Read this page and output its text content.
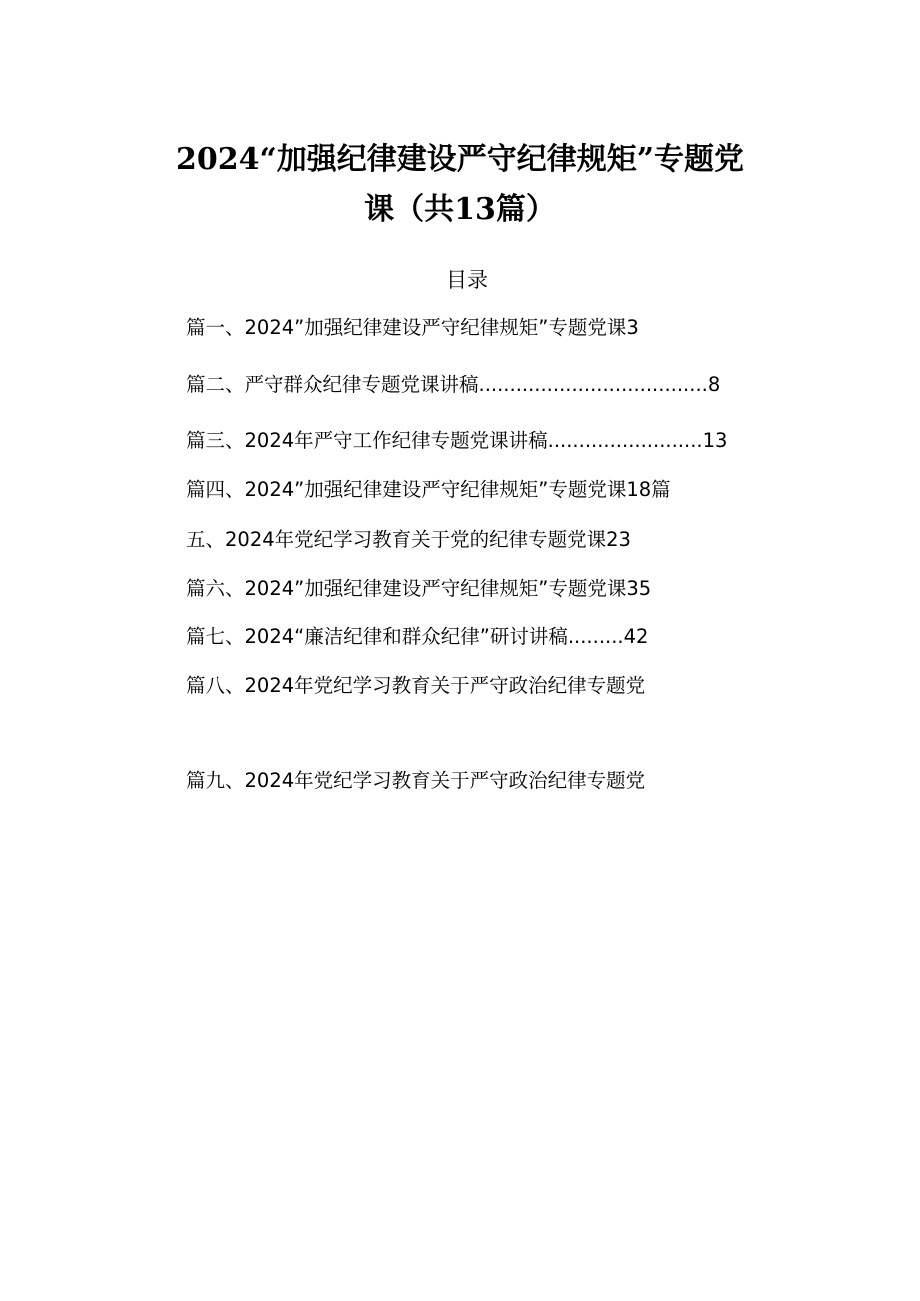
2024“加强纪律建设严守纪律规矩”专题党
课（共13篇）
目录
篇一、2024”加强纪律建设严守纪律规矩”专题党课3
篇二、严守群众纪律专题党课讲稿.....................................8
篇三、2024年严守工作纪律专题党课讲稿.........................13
篇四、2024”加强纪律建设严守纪律规矩”专题党课18篇
五、2024年党纪学习教育关于党的纪律专题党课23
篇六、2024”加强纪律建设严守纪律规矩”专题党课35
篇七、2024“廉洁纪律和群众纪律”研讨讲稿.........42
篇八、2024年党纪学习教育关于严守政治纪律专题党
篇九、2024年党纪学习教育关于严守政治纪律专题党
